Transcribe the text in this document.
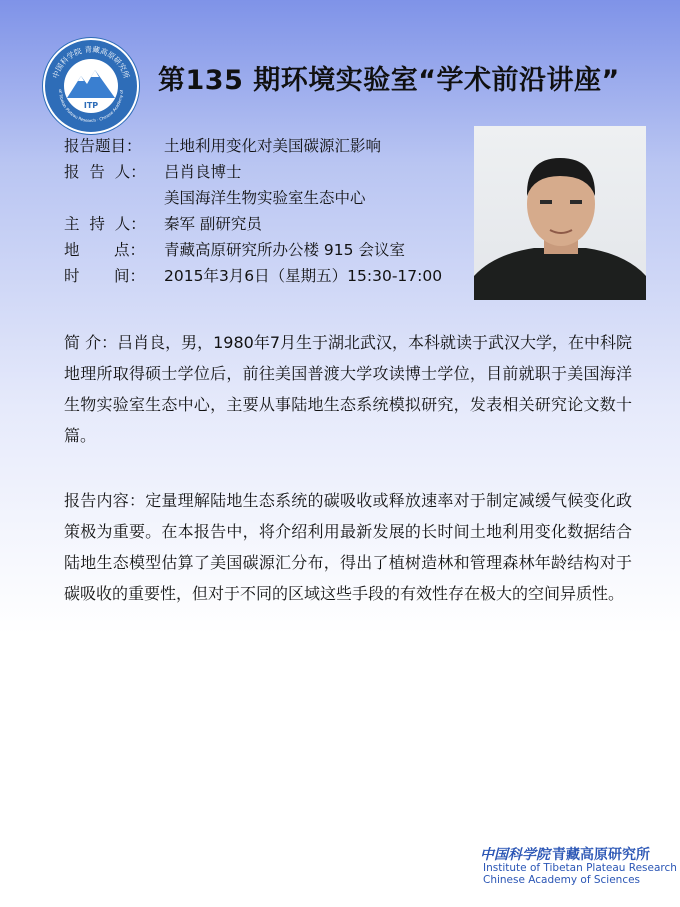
ITP
中国科学院 青藏高原研究所
of Tibetan Plateau Research · Chinese Academy of 第135 期环境实验室“学术前沿讲座”
报告题目：	土地利用变化对美国碳源汇影响
报  告  人：	吕肖良博士
美国海洋生物实验室生态中心
主  持  人：	秦军 副研究员
地       点：	青藏高原研究所办公楼 915 会议室
时       间：	2015年3月6日（星期五）15:30-17:00

简 介：吕肖良，男，1980年7月生于湖北武汉，本科就读于武汉大学，在中科院地理所取得硕士学位后，前往美国普渡大学攻读博士学位，目前就职于美国海洋生物实验室生态中心，主要从事陆地生态系统模拟研究，发表相关研究论文数十篇。

报告内容：定量理解陆地生态系统的碳吸收或释放速率对于制定减缓气候变化政策极为重要。在本报告中，将介绍利用最新发展的长时间土地利用变化数据结合陆地生态模型估算了美国碳源汇分布，得出了植树造林和管理森林年龄结构对于碳吸收的重要性，但对于不同的区域这些手段的有效性存在极大的空间异质性。

中国科学院 青藏高原研究所
Institute of Tibetan Plateau Research
Chinese Academy of Sciences
